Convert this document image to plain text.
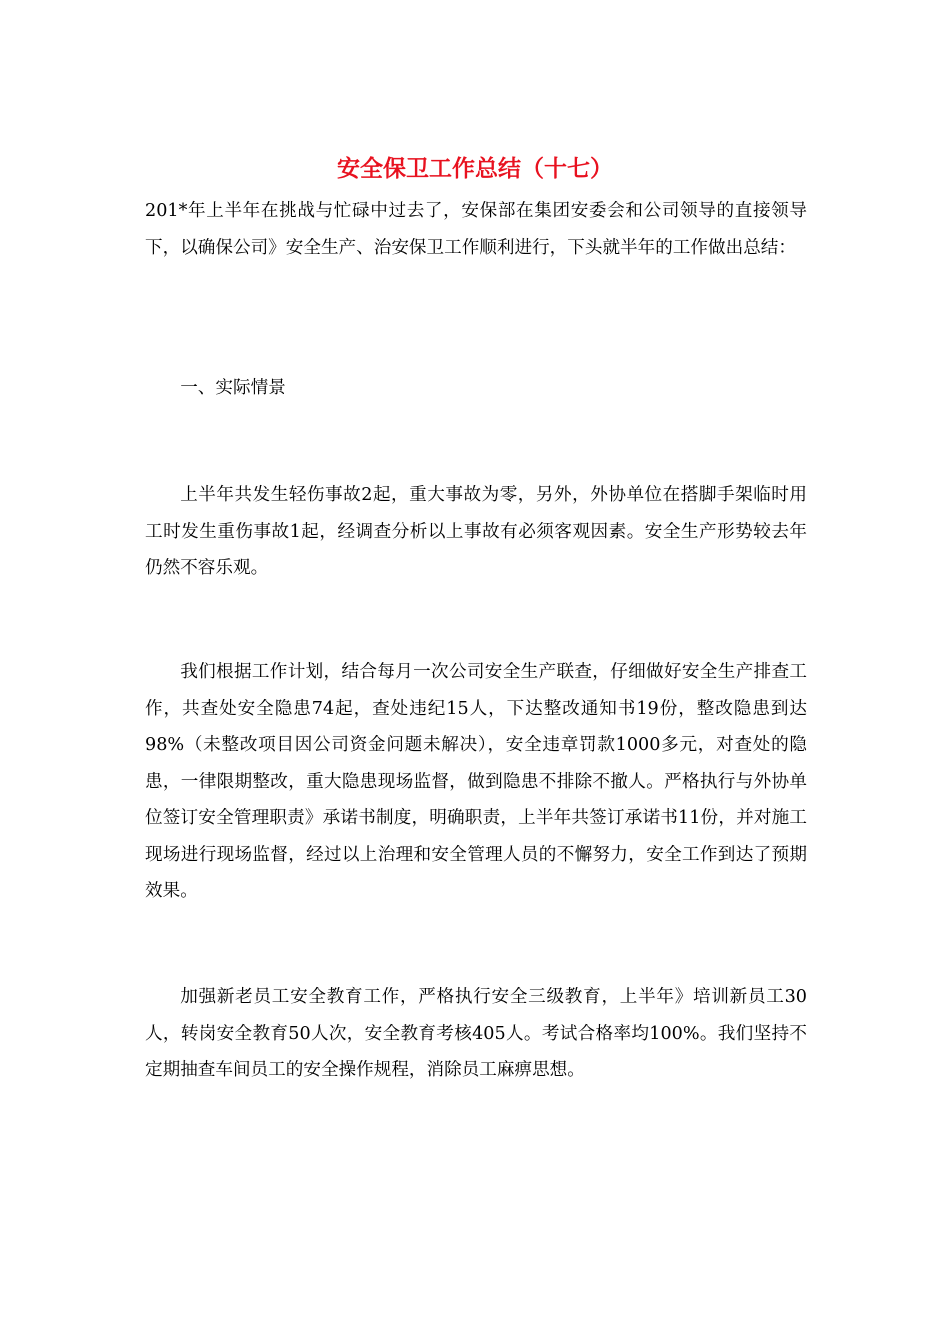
安全保卫工作总结（十七）

201*年上半年在挑战与忙碌中过去了，安保部在集团安委会和公司领导的直接领导下，以确保公司》安全生产、治安保卫工作顺利进行，下头就半年的工作做出总结：

一、实际情景

上半年共发生轻伤事故2起，重大事故为零，另外，外协单位在搭脚手架临时用工时发生重伤事故1起，经调查分析以上事故有必须客观因素。安全生产形势较去年仍然不容乐观。

我们根据工作计划，结合每月一次公司安全生产联查，仔细做好安全生产排查工作，共查处安全隐患74起，查处违纪15人，下达整改通知书19份，整改隐患到达98%（未整改项目因公司资金问题未解决），安全违章罚款1000多元，对查处的隐患，一律限期整改，重大隐患现场监督，做到隐患不排除不撤人。严格执行与外协单位签订安全管理职责》承诺书制度，明确职责，上半年共签订承诺书11份，并对施工现场进行现场监督，经过以上治理和安全管理人员的不懈努力，安全工作到达了预期效果。

加强新老员工安全教育工作，严格执行安全三级教育，上半年》培训新员工30人，转岗安全教育50人次，安全教育考核405人。考试合格率均100%。我们坚持不定期抽查车间员工的安全操作规程，消除员工麻痹思想。
